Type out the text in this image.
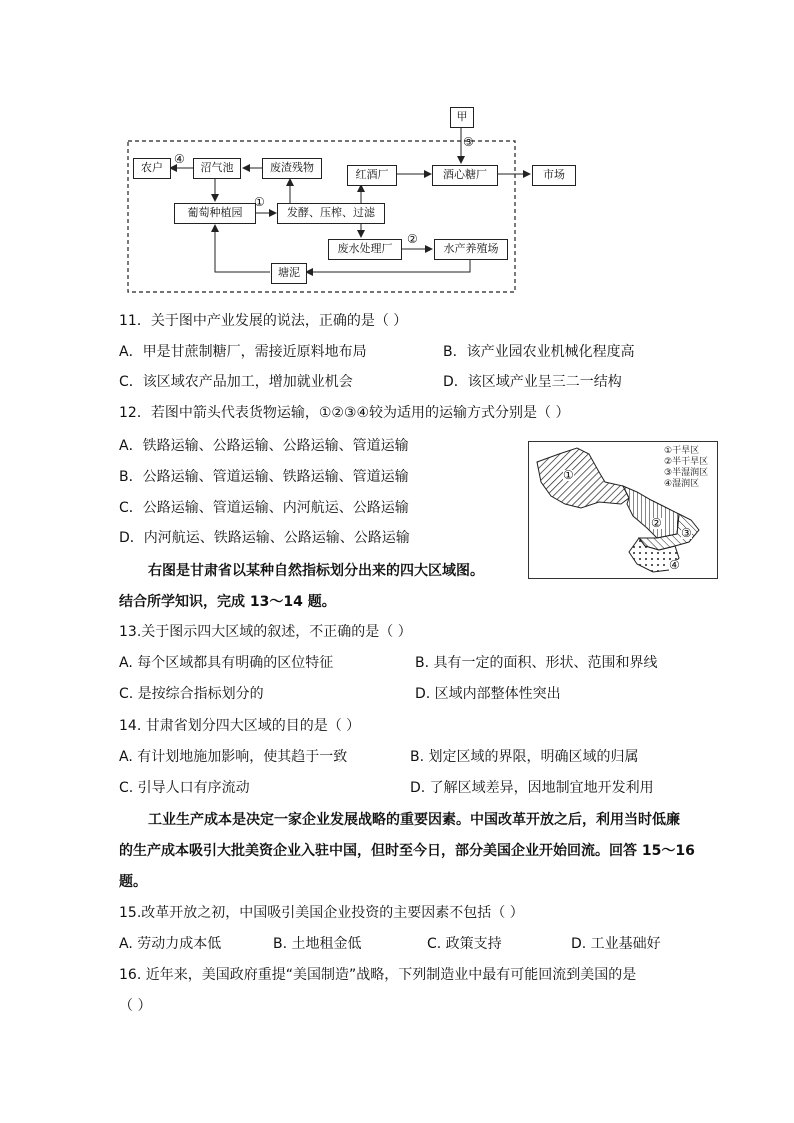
甲
③
农户
④
沼气池	废渣残物
红酒厂	酒心糖厂	市场
葡萄种植园
①
发酵、压榨、过滤
废水处理厂
②
水产养殖场
塘泥
11．关于图中产业发展的说法，正确的是（ ）
A．甲是甘蔗制糖厂，需接近原料地布局	B．该产业园农业机械化程度高
C．该区域农产品加工，增加就业机会	D．该区域产业呈三二一结构
12．若图中箭头代表货物运输，①②③④较为适用的运输方式分别是（ ）
A．铁路运输、公路运输、公路运输、管道运输
B．公路运输、管道运输、铁路运输、管道运输
C．公路运输、管道运输、内河航运、公路运输
D．内河航运、铁路运输、公路运输、公路运输
①干旱区
②半干旱区
③半湿润区
④湿润区
①
②
③
④
右图是甘肃省以某种自然指标划分出来的四大区域图。
结合所学知识，完成 13～14 题。
13.关于图示四大区域的叙述，不正确的是（ ）
A. 每个区域都具有明确的区位特征	B. 具有一定的面积、形状、范围和界线
C. 是按综合指标划分的	D. 区域内部整体性突出
14. 甘肃省划分四大区域的目的是（ ）
A. 有计划地施加影响，使其趋于一致	B. 划定区域的界限，明确区域的归属
C. 引导人口有序流动	D. 了解区域差异，因地制宜地开发利用
工业生产成本是决定一家企业发展战略的重要因素。中国改革开放之后，利用当时低廉
的生产成本吸引大批美资企业入驻中国，但时至今日，部分美国企业开始回流。回答 15～16
题。
15.改革开放之初，中国吸引美国企业投资的主要因素不包括（ ）
A. 劳动力成本低	B. 土地租金低	C. 政策支持	D. 工业基础好
16. 近年来，美国政府重提“美国制造”战略，下列制造业中最有可能回流到美国的是
（ ）
